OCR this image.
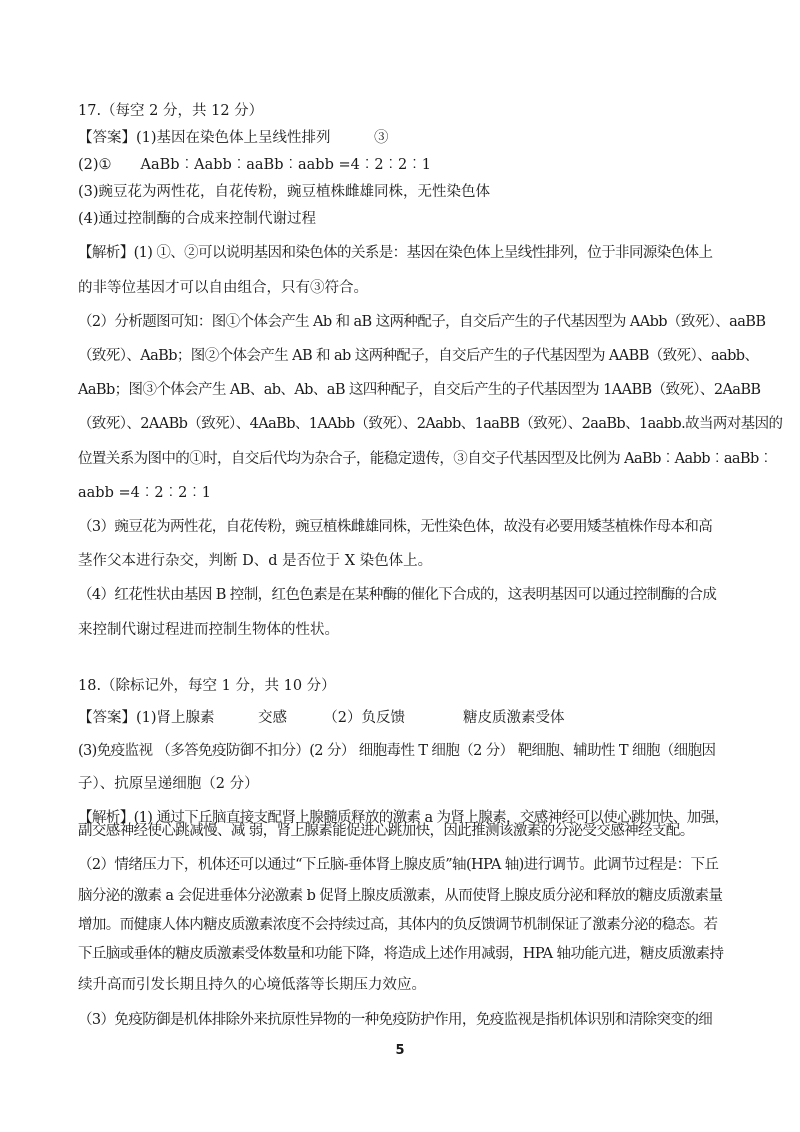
17.（每空 2 分，共 12 分）
【答案】(1)基因在染色体上呈线性排列　　　③
(2)①　　AaBb︰Aabb︰aaBb︰aabb =4︰2︰2︰1
(3)豌豆花为两性花，自花传粉，豌豆植株雌雄同株，无性染色体
(4)通过控制酶的合成来控制代谢过程
【解析】(1) ①、②可以说明基因和染色体的关系是：基因在染色体上呈线性排列，位于非同源染色体上
的非等位基因才可以自由组合，只有③符合。
（2）分析题图可知：图①个体会产生 Ab 和 aB 这两种配子，自交后产生的子代基因型为 AAbb（致死）、aaBB
（致死）、AaBb；图②个体会产生 AB 和 ab 这两种配子，自交后产生的子代基因型为 AABB（致死）、aabb、
AaBb；图③个体会产生 AB、ab、Ab、aB 这四种配子，自交后产生的子代基因型为 1AABB（致死）、2AaBB
（致死）、2AABb（致死）、4AaBb、1AAbb（致死）、2Aabb、1aaBB（致死）、2aaBb、1aabb.故当两对基因的
位置关系为图中的①时，自交后代均为杂合子，能稳定遗传，③自交子代基因型及比例为 AaBb︰Aabb︰aaBb︰
aabb =4︰2︰2︰1
（3）豌豆花为两性花，自花传粉，豌豆植株雌雄同株，无性染色体，故没有必要用矮茎植株作母本和高
茎作父本进行杂交，判断 D、d 是否位于 X 染色体上。
（4）红花性状由基因 B 控制，红色色素是在某种酶的催化下合成的，这表明基因可以通过控制酶的合成
来控制代谢过程进而控制生物体的性状。
18.（除标记外，每空 1 分，共 10 分）
【答案】(1)肾上腺素　　　交感　　　（2）负反馈　　　　糖皮质激素受体
(3)免疫监视 （多答免疫防御不扣分）(2 分） 细胞毒性 T 细胞（2 分） 靶细胞、辅助性 T 细胞（细胞因
子）、抗原呈递细胞（2 分）
【解析】(1) 通过下丘脑直接支配肾上腺髓质释放的激素 a 为肾上腺素，交感神经可以使心跳加快、加强，
副交感神经使心跳减慢、减 弱，肾上腺素能促进心跳加快，因此推测该激素的分泌受交感神经支配。
（2）情绪压力下，机体还可以通过“下丘脑-垂体肾上腺皮质”轴(HPA 轴)进行调节。此调节过程是：下丘
脑分泌的激素 a 会促进垂体分泌激素 b 促肾上腺皮质激素，从而使肾上腺皮质分泌和释放的糖皮质激素量
增加。而健康人体内糖皮质激素浓度不会持续过高，其体内的负反馈调节机制保证了激素分泌的稳态。若
下丘脑或垂体的糖皮质激素受体数量和功能下降，将造成上述作用减弱，HPA 轴功能亢进，糖皮质激素持
续升高而引发长期且持久的心境低落等长期压力效应。
5
（3）免疫防御是机体排除外来抗原性异物的一种免疫防护作用，免疫监视是指机体识别和清除突变的细
